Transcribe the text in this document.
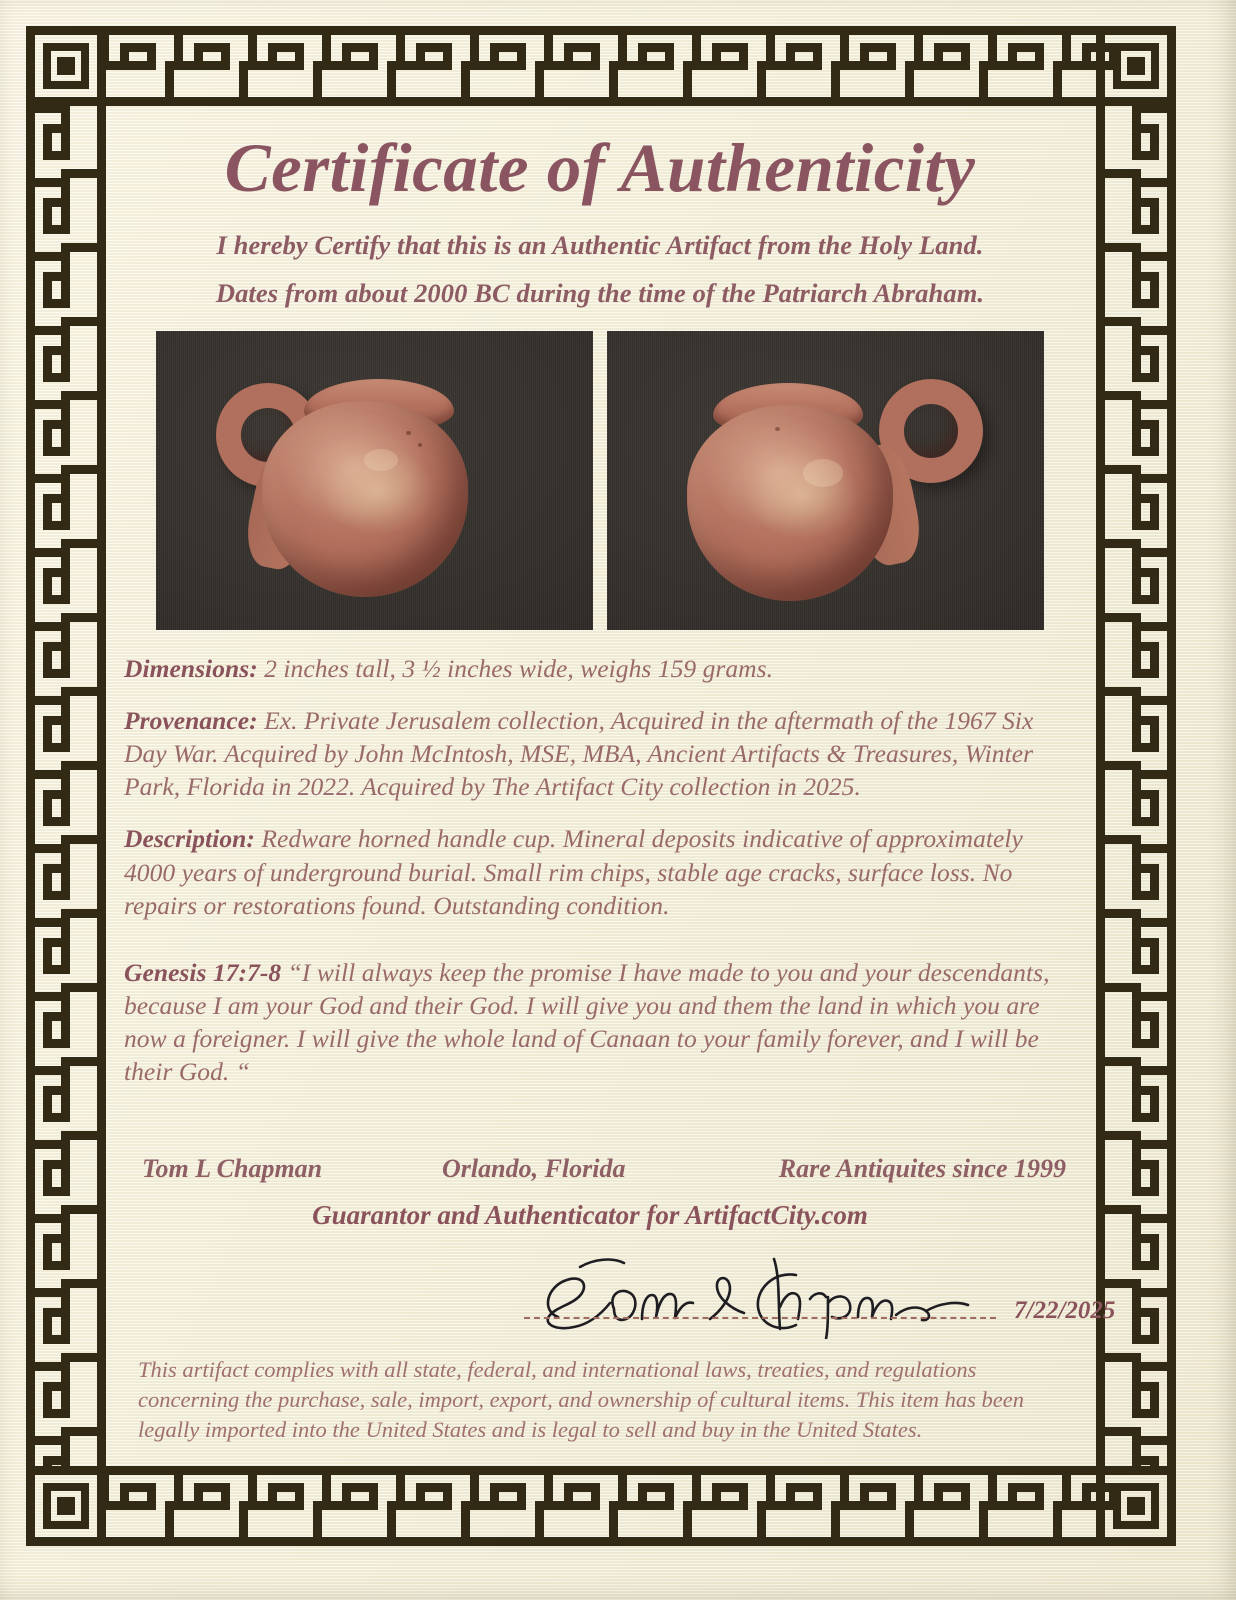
Certificate of Authenticity

I hereby Certify that this is an Authentic Artifact from the Holy Land.

Dates from about 2000 BC during the time of the Patriarch Abraham.

Dimensions: 2 inches tall, 3 ½ inches wide, weighs 159 grams.

Provenance: Ex. Private Jerusalem collection, Acquired in the aftermath of the 1967 Six Day War. Acquired by John McIntosh, MSE, MBA, Ancient Artifacts & Treasures, Winter Park, Florida in 2022. Acquired by The Artifact City collection in 2025.

Description: Redware horned handle cup. Mineral deposits indicative of approximately 4000 years of underground burial. Small rim chips, stable age cracks, surface loss. No repairs or restorations found. Outstanding condition.

Genesis 17:7-8 “I will always keep the promise I have made to you and your descendants, because I am your God and their God. I will give you and them the land in which you are now a foreigner. I will give the whole land of Canaan to your family forever, and I will be their God. “

Tom L Chapman	Orlando, Florida	Rare Antiquites since 1999
Guarantor and Authenticator for ArtifactCity.com
7/22/2025

This artifact complies with all state, federal, and international laws, treaties, and regulations concerning the purchase, sale, import, export, and ownership of cultural items. This item has been legally imported into the United States and is legal to sell and buy in the United States.
